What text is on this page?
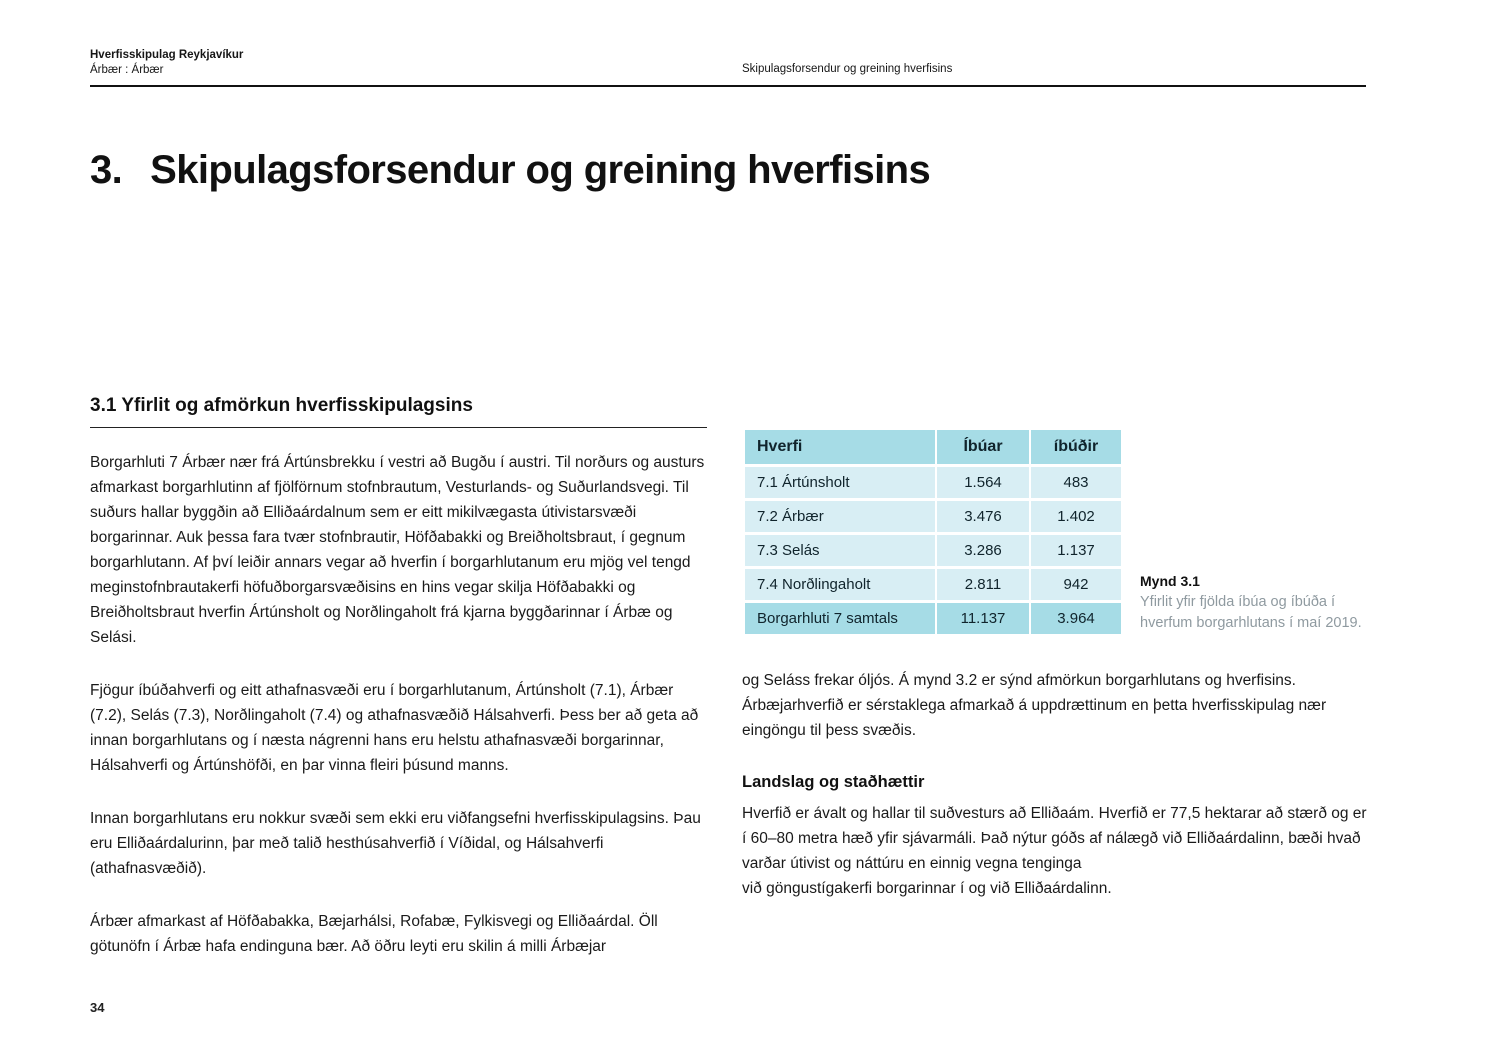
Hverfisskipulag Reykjavíkur
Árbær : Árbær	Skipulagsforsendur og greining hverfisins
3. Skipulagsforsendur og greining hverfisins
3.1 Yfirlit og afmörkun hverfisskipulagsins

Borgarhluti 7 Árbær nær frá Ártúnsbrekku í vestri að Bugðu í austri. Til norðurs og austurs afmarkast borgarhlutinn af fjölförnum stofnbrautum, Vesturlands- og Suðurlandsvegi. Til suðurs hallar byggðin að Elliðaárdalnum sem er eitt mikilvægasta útivistarsvæði borgarinnar. Auk þessa fara tvær stofnbrautir, Höfðabakki og Breiðholtsbraut, í gegnum borgarhlutann. Af því leiðir annars vegar að hverfin í borgarhlutanum eru mjög vel tengd meginstofnbrautakerfi höfuðborgarsvæðisins en hins vegar skilja Höfðabakki og Breiðholtsbraut hverfin Ártúnsholt og Norðlingaholt frá kjarna byggðarinnar í Árbæ og Selási.

Fjögur íbúðahverfi og eitt athafnasvæði eru í borgarhlutanum, Ártúnsholt (7.1), Árbær (7.2), Selás (7.3), Norðlingaholt (7.4) og athafnasvæðið Hálsahverfi. Þess ber að geta að innan borgarhlutans og í næsta nágrenni hans eru helstu athafnasvæði borgarinnar, Hálsahverfi og Ártúnshöfði, en þar vinna fleiri þúsund manns.

Innan borgarhlutans eru nokkur svæði sem ekki eru viðfangsefni hverfisskipulagsins. Þau eru Elliðaárdalurinn, þar með talið hesthúsahverfið í Víðidal, og Hálsahverfi (athafnasvæðið).

Árbær afmarkast af Höfðabakka, Bæjarhálsi, Rofabæ, Fylkisvegi og Elliðaárdal. Öll götunöfn í Árbæ hafa endinguna bær. Að öðru leyti eru skilin á milli Árbæjar

Hverfi	Íbúar	íbúðir
7.1 Ártúnsholt	1.564	483
7.2 Árbær	3.476	1.402
7.3 Selás	3.286	1.137
7.4 Norðlingaholt	2.811	942
Borgarhluti 7 samtals	11.137	3.964
Mynd 3.1
Yfirlit yfir fjölda íbúa og íbúða í hverfum borgarhlutans í maí 2019.

og Seláss frekar óljós. Á mynd 3.2 er sýnd afmörkun borgarhlutans og hverfisins. Árbæjarhverfið er sérstaklega afmarkað á uppdrættinum en þetta hverfisskipulag nær eingöngu til þess svæðis.

Landslag og staðhættir

Hverfið er ávalt og hallar til suðvesturs að Elliðaám. Hverfið er 77,5 hektarar að stærð og er í 60–80 metra hæð yfir sjávarmáli. Það nýtur góðs af nálægð við Elliðaárdalinn,
bæði hvað varðar útivist og náttúru en einnig vegna tenginga við göngustígakerfi borgarinnar í og við Elliðaárdalinn.

34
